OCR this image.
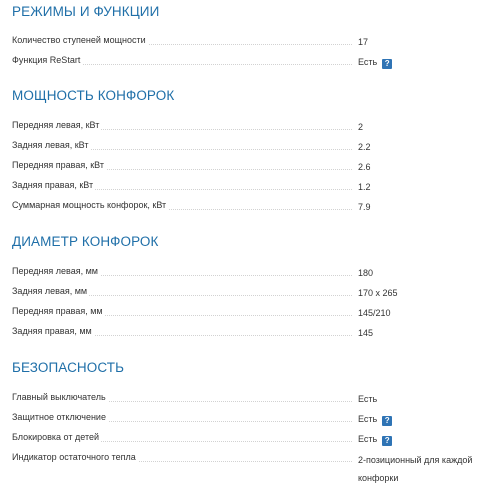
РЕЖИМЫ И ФУНКЦИИ
Количество ступеней мощности	17
Функция ReStart	Есть ?
МОЩНОСТЬ КОНФОРОК
Передняя левая, кВт	2
Задняя левая, кВт	2.2
Передняя правая, кВт	2.6
Задняя правая, кВт	1.2
Суммарная мощность конфорок, кВт	7.9
ДИАМЕТР КОНФОРОК
Передняя левая, мм	180
Задняя левая, мм	170 x 265
Передняя правая, мм	145/210
Задняя правая, мм	145
БЕЗОПАСНОСТЬ
Главный выключатель	Есть
Защитное отключение	Есть ?
Блокировка от детей	Есть ?
Индикатор остаточного тепла	2-позиционный для каждой
конфорки
